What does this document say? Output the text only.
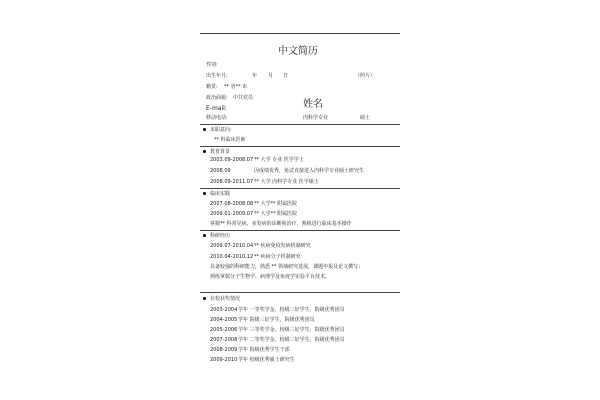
中文简历
性别:
出生年月:	年 月 日	（照片）
籍贯: ** 省** 市
政治面貌: 中共党员
姓名
E-mail:
移动电话:	内科学专业	硕士
求职意向:
** 科临床医师
教育背景
2003.09-2008.07 ** 大学 专业 医学学士
2008.09	因成绩优秀，免试直接进入内科学专业硕士研究生
2008.09-2011.07 ** 大学 内科学专业 医学硕士
临床实践
2007.08-2008.08 ** 大学** 附属医院
2009.01-2009.07 ** 大学** 附属医院
掌握** 科常见病、多发病的诊断和治疗，熟练进行临床基本操作
科研经历
2009.07-2010.04 ** 疾病免疫发病机制研究
2010.04-2010.12 ** 疾病分子机制研究
具备较强的科研能力，熟悉 ** 领域研究进展，课题申报及论文撰写；
熟练掌握分子生物学、病理学及免疫学实验平台技术。
在校获奖情况
2003-2004 学年 一等奖学金，校级三好学生，院级优秀团员
2004-2005 学年 院级三好学生，院级优秀团员
2005-2006 学年 三等奖学金，校级三好学生，院级优秀团员
2007-2008 学年 二等奖学金，校级三好学生，院级优秀团员
2008-2009 学年 院级优秀学生干部
2009-2010 学年 校级优秀硕士研究生
